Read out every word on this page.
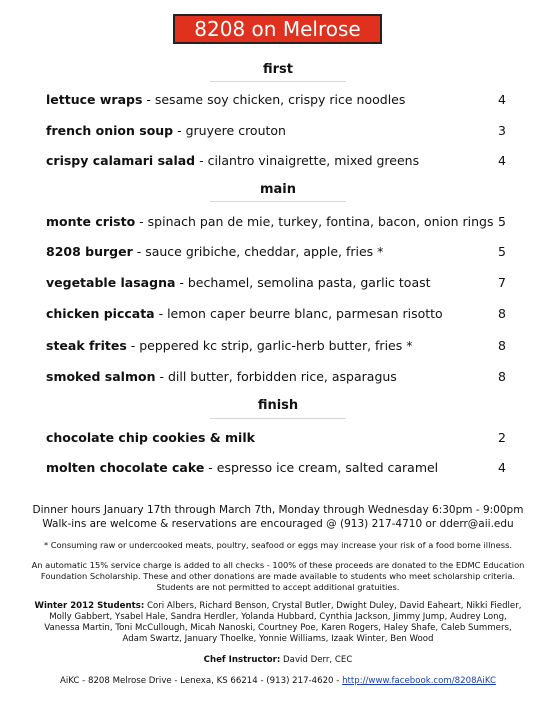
8208 on Melrose
first
lettuce wraps - sesame soy chicken, crispy rice noodles	4
french onion soup - gruyere crouton	3
crispy calamari salad - cilantro vinaigrette, mixed greens	4
main
monte cristo - spinach pan de mie, turkey, fontina, bacon, onion rings 5
8208 burger - sauce gribiche, cheddar, apple, fries *	5
vegetable lasagna - bechamel, semolina pasta, garlic toast	7
chicken piccata - lemon caper beurre blanc, parmesan risotto	8
steak frites - peppered kc strip, garlic-herb butter, fries *	8
smoked salmon - dill butter, forbidden rice, asparagus	8
finish
chocolate chip cookies & milk	2
molten chocolate cake - espresso ice cream, salted caramel	4
Dinner hours January 17th through March 7th, Monday through Wednesday 6:30pm - 9:00pm
Walk-ins are welcome & reservations are encouraged @ (913) 217-4710 or dderr@aii.edu
* Consuming raw or undercooked meats, poultry, seafood or eggs may increase your risk of a food borne illness.
An automatic 15% service charge is added to all checks - 100% of these proceeds are donated to the EDMC Education
Foundation Scholarship. These and other donations are made available to students who meet scholarship criteria.
Students are not permitted to accept additional gratuities.
Winter 2012 Students: Cori Albers, Richard Benson, Crystal Butler, Dwight Duley, David Eaheart, Nikki Fiedler,
Molly Gabbert, Ysabel Hale, Sandra Herdler, Yolanda Hubbard, Cynthia Jackson, Jimmy Jump, Audrey Long,
Vanessa Martin, Toni McCullough, Micah Nanoski, Courtney Poe, Karen Rogers, Haley Shafe, Caleb Summers,
Adam Swartz, January Thoelke, Yonnie Williams, Izaak Winter, Ben Wood
Chef Instructor: David Derr, CEC
AiKC - 8208 Melrose Drive - Lenexa, KS 66214 - (913) 217-4620 - http://www.facebook.com/8208AiKC
